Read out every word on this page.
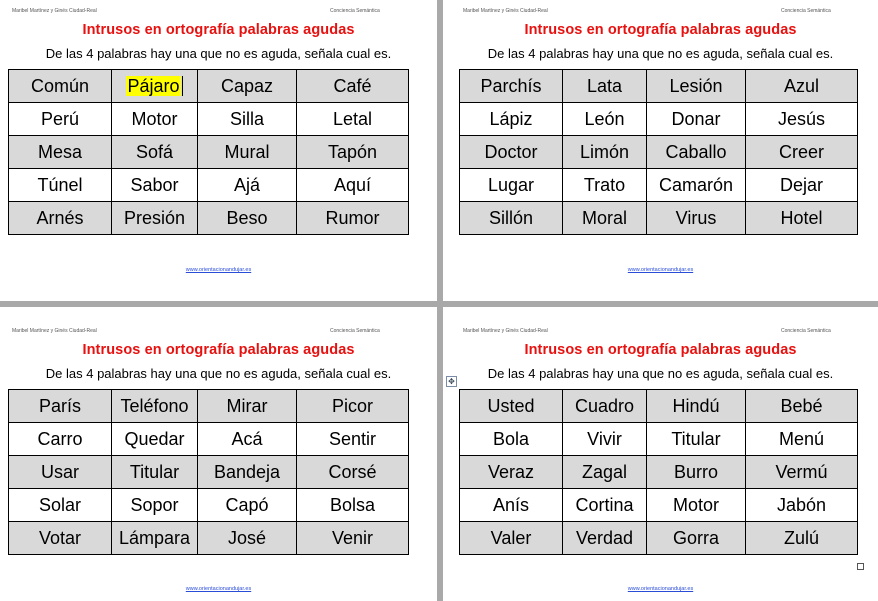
Maribel Martínez y Ginés Ciudad-Real	Conciencia Semántica
Intrusos en ortografía palabras agudas
De las 4 palabras hay una que no es aguda, señala cual es.
Común	Pájaro	Capaz	Café
Perú	Motor	Silla	Letal
Mesa	Sofá	Mural	Tapón
Túnel	Sabor	Ajá	Aquí
Arnés	Presión	Beso	Rumor
www.orientacionandujar.es
Maribel Martínez y Ginés Ciudad-Real	Conciencia Semántica
Intrusos en ortografía palabras agudas
De las 4 palabras hay una que no es aguda, señala cual es.
Parchís	Lata	Lesión	Azul
Lápiz	León	Donar	Jesús
Doctor	Limón	Caballo	Creer
Lugar	Trato	Camarón	Dejar
Sillón	Moral	Virus	Hotel
www.orientacionandujar.es
Maribel Martínez y Ginés Ciudad-Real	Conciencia Semántica
Intrusos en ortografía palabras agudas
De las 4 palabras hay una que no es aguda, señala cual es.
París	Teléfono	Mirar	Picor
Carro	Quedar	Acá	Sentir
Usar	Titular	Bandeja	Corsé
Solar	Sopor	Capó	Bolsa
Votar	Lámpara	José	Venir
www.orientacionandujar.es
Maribel Martínez y Ginés Ciudad-Real	Conciencia Semántica
Intrusos en ortografía palabras agudas
De las 4 palabras hay una que no es aguda, señala cual es.
✥
Usted	Cuadro	Hindú	Bebé
Bola	Vivir	Titular	Menú
Veraz	Zagal	Burro	Vermú
Anís	Cortina	Motor	Jabón
Valer	Verdad	Gorra	Zulú
www.orientacionandujar.es
